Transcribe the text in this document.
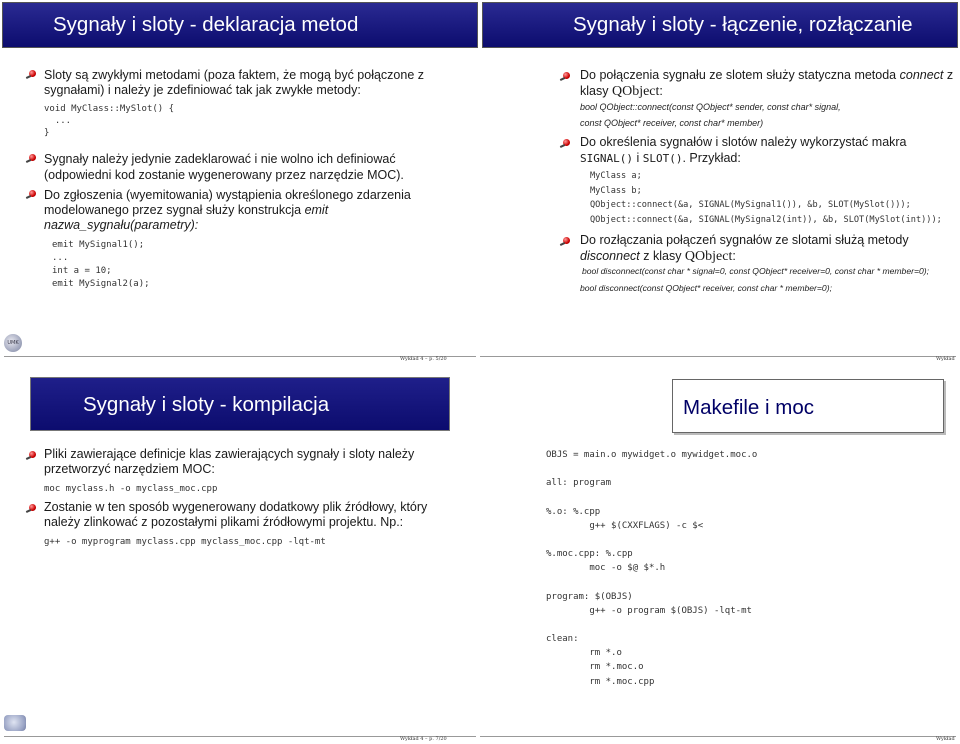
Sygnały i sloty - deklaracja metod
Sloty są zwykłymi metodami (poza faktem, że mogą być połączone z
sygnałami) i należy je zdefiniować tak jak zwykłe metody:
void MyClass::MySlot() {
...
}
Sygnały należy jedynie zadeklarować i nie wolno ich definiować
(odpowiedni kod zostanie wygenerowany przez narzędzie MOC).
Do zgłoszenia (wyemitowania) wystąpienia określonego zdarzenia
modelowanego przez sygnał służy konstrukcja emit
nazwa_sygnału(parametry):
emit MySignal1();
...
int a = 10;
emit MySignal2(a);
UMK
Wykład 4 – p. 5/20
Sygnały i sloty - łączenie, rozłączanie
Do połączenia sygnału ze slotem służy statyczna metoda connect z
klasy QObject:
bool QObject::connect(const QObject* sender, const char* signal,
const QObject* receiver, const char* member)
Do określenia sygnałów i slotów należy wykorzystać makra
SIGNAL() i SLOT(). Przykład:
MyClass a;
MyClass b;
QObject::connect(&a, SIGNAL(MySignal1()), &b, SLOT(MySlot()));
QObject::connect(&a, SIGNAL(MySignal2(int)), &b, SLOT(MySlot(int)));
Do rozłączania połączeń sygnałów ze slotami służą metody
disconnect z klasy QObject:
bool disconnect(const char * signal=0, const QObject* receiver=0, const char * member=0);
bool disconnect(const QObject* receiver, const char * member=0);
Wykład
Sygnały i sloty - kompilacja
Pliki zawierające definicje klas zawierających sygnały i sloty należy
przetworzyć narzędziem MOC:
moc myclass.h -o myclass_moc.cpp
Zostanie w ten sposób wygenerowany dodatkowy plik źródłowy, który
należy zlinkować z pozostałymi plikami źródłowymi projektu. Np.:
g++ -o myprogram myclass.cpp myclass_moc.cpp -lqt-mt
Wykład 4 – p. 7/20
Makefile i moc
OBJS = main.o mywidget.o mywidget.moc.o

all: program

%.o: %.cpp
g++ $(CXXFLAGS) -c $<

%.moc.cpp: %.cpp
moc -o $@ $*.h

program: $(OBJS)
g++ -o program $(OBJS) -lqt-mt

clean:
rm *.o
rm *.moc.o
rm *.moc.cpp
Wykład
